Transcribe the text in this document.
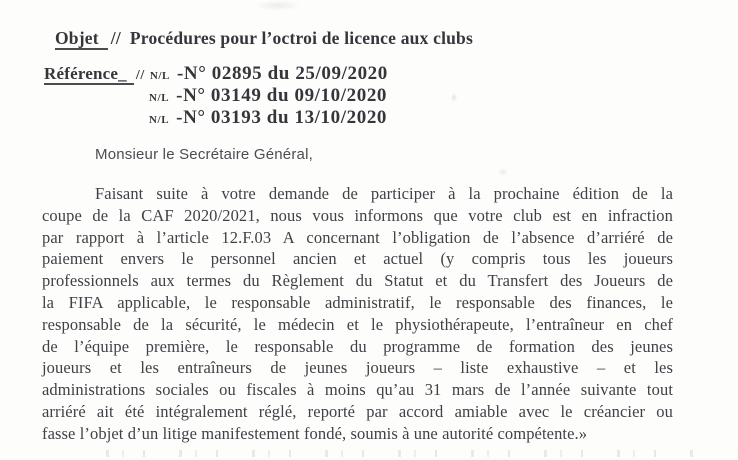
Objet // Procédures pour l’octroi de licence aux clubs
Référence_ // N/L -N° 02895 du 25/09/2020
N/L -N° 03149 du 09/10/2020
N/L -N° 03193 du 13/10/2020
Monsieur le Secrétaire Général,
Faisant suite à votre demande de participer à la prochaine édition de la
coupe de la CAF 2020/2021, nous vous informons que votre club est en infraction
par rapport à l’article 12.F.03 A concernant l’obligation de l’absence d’arriéré de
paiement envers le personnel ancien et actuel (y compris tous les joueurs
professionnels aux termes du Règlement du Statut et du Transfert des Joueurs de
la FIFA applicable, le responsable administratif, le responsable des finances, le
responsable de la sécurité, le médecin et le physiothérapeute, l’entraîneur en chef
de l’équipe première, le responsable du programme de formation des jeunes
joueurs et les entraîneurs de jeunes joueurs – liste exhaustive – et les
administrations sociales ou fiscales à moins qu’au 31 mars de l’année suivante tout
arriéré ait été intégralement réglé, reporté par accord amiable avec le créancier ou
fasse l’objet d’un litige manifestement fondé, soumis à une autorité compétente.»
